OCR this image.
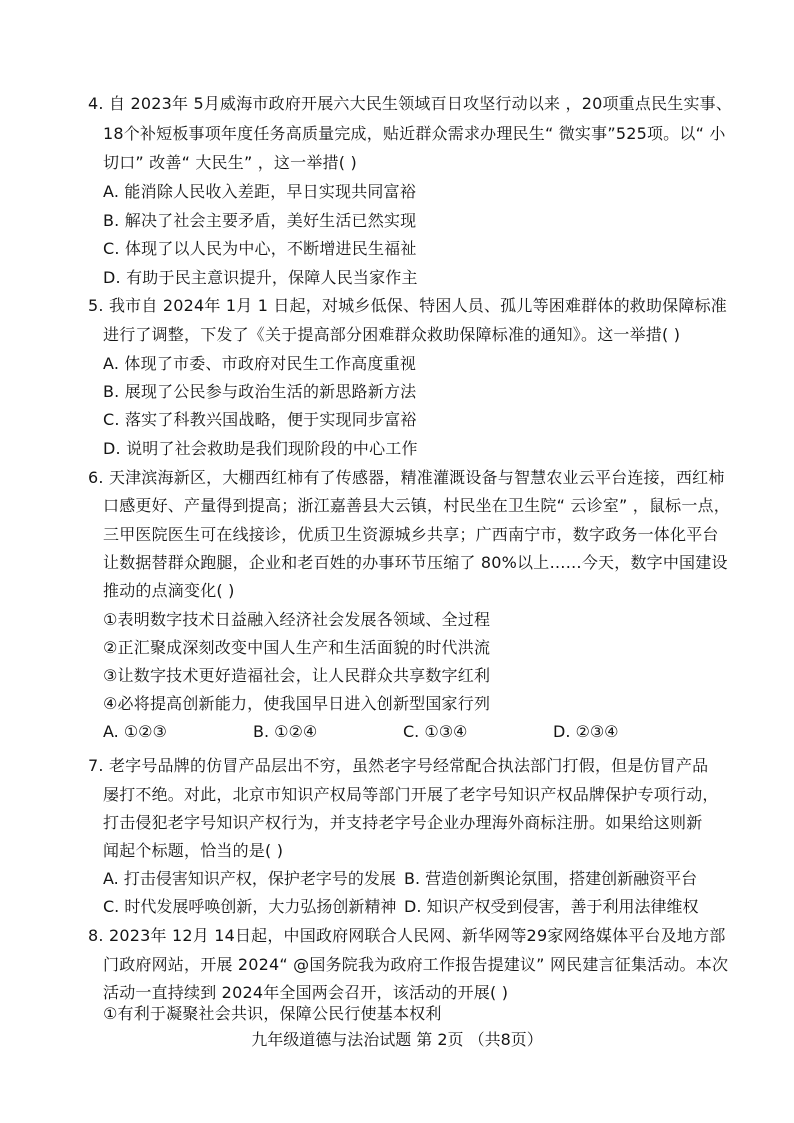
4. 自 2023年 5月威海市政府开展六大民生领域百日攻坚行动以来 ，20项重点民生实事、
18个补短板事项年度任务高质量完成，贴近群众需求办理民生“ 微实事”525项。以“ 小
切口” 改善“ 大民生” ，这一举措( )
A. 能消除人民收入差距，早日实现共同富裕
B. 解决了社会主要矛盾，美好生活已然实现
C. 体现了以人民为中心，不断增进民生福祉
D. 有助于民主意识提升，保障人民当家作主
5. 我市自 2024年 1月 1 日起，对城乡低保、特困人员、孤儿等困难群体的救助保障标准
进行了调整，下发了《关于提高部分困难群众救助保障标准的通知》。这一举措( )
A. 体现了市委、市政府对民生工作高度重视
B. 展现了公民参与政治生活的新思路新方法
C. 落实了科教兴国战略，便于实现同步富裕
D. 说明了社会救助是我们现阶段的中心工作
6. 天津滨海新区，大棚西红柿有了传感器，精准灌溉设备与智慧农业云平台连接，西红柿
口感更好、产量得到提高；浙江嘉善县大云镇，村民坐在卫生院“ 云诊室” ，鼠标一点，
三甲医院医生可在线接诊，优质卫生资源城乡共享；广西南宁市，数字政务一体化平台
让数据替群众跑腿，企业和老百姓的办事环节压缩了 80%以上……今天，数字中国建设
推动的点滴变化( )
①表明数字技术日益融入经济社会发展各领域、全过程
②正汇聚成深刻改变中国人生产和生活面貌的时代洪流
③让数字技术更好造福社会，让人民群众共享数字红利
④必将提高创新能力，使我国早日进入创新型国家行列
A. ①②③	B. ①②④	C. ①③④	D. ②③④
7. 老字号品牌的仿冒产品层出不穷，虽然老字号经常配合执法部门打假，但是仿冒产品
屡打不绝。对此，北京市知识产权局等部门开展了老字号知识产权品牌保护专项行动，
打击侵犯老字号知识产权行为，并支持老字号企业办理海外商标注册。如果给这则新
闻起个标题，恰当的是( )
A. 打击侵害知识产权，保护老字号的发展 B. 营造创新舆论氛围，搭建创新融资平台
C. 时代发展呼唤创新，大力弘扬创新精神 D. 知识产权受到侵害，善于利用法律维权
8. 2023年 12月 14日起，中国政府网联合人民网、新华网等29家网络媒体平台及地方部
门政府网站，开展 2024“ @国务院我为政府工作报告提建议” 网民建言征集活动。本次
活动一直持续到 2024年全国两会召开，该活动的开展( )
①有利于凝聚社会共识，保障公民行使基本权利
九年级道德与法治试题 第 2页 （共8页）
